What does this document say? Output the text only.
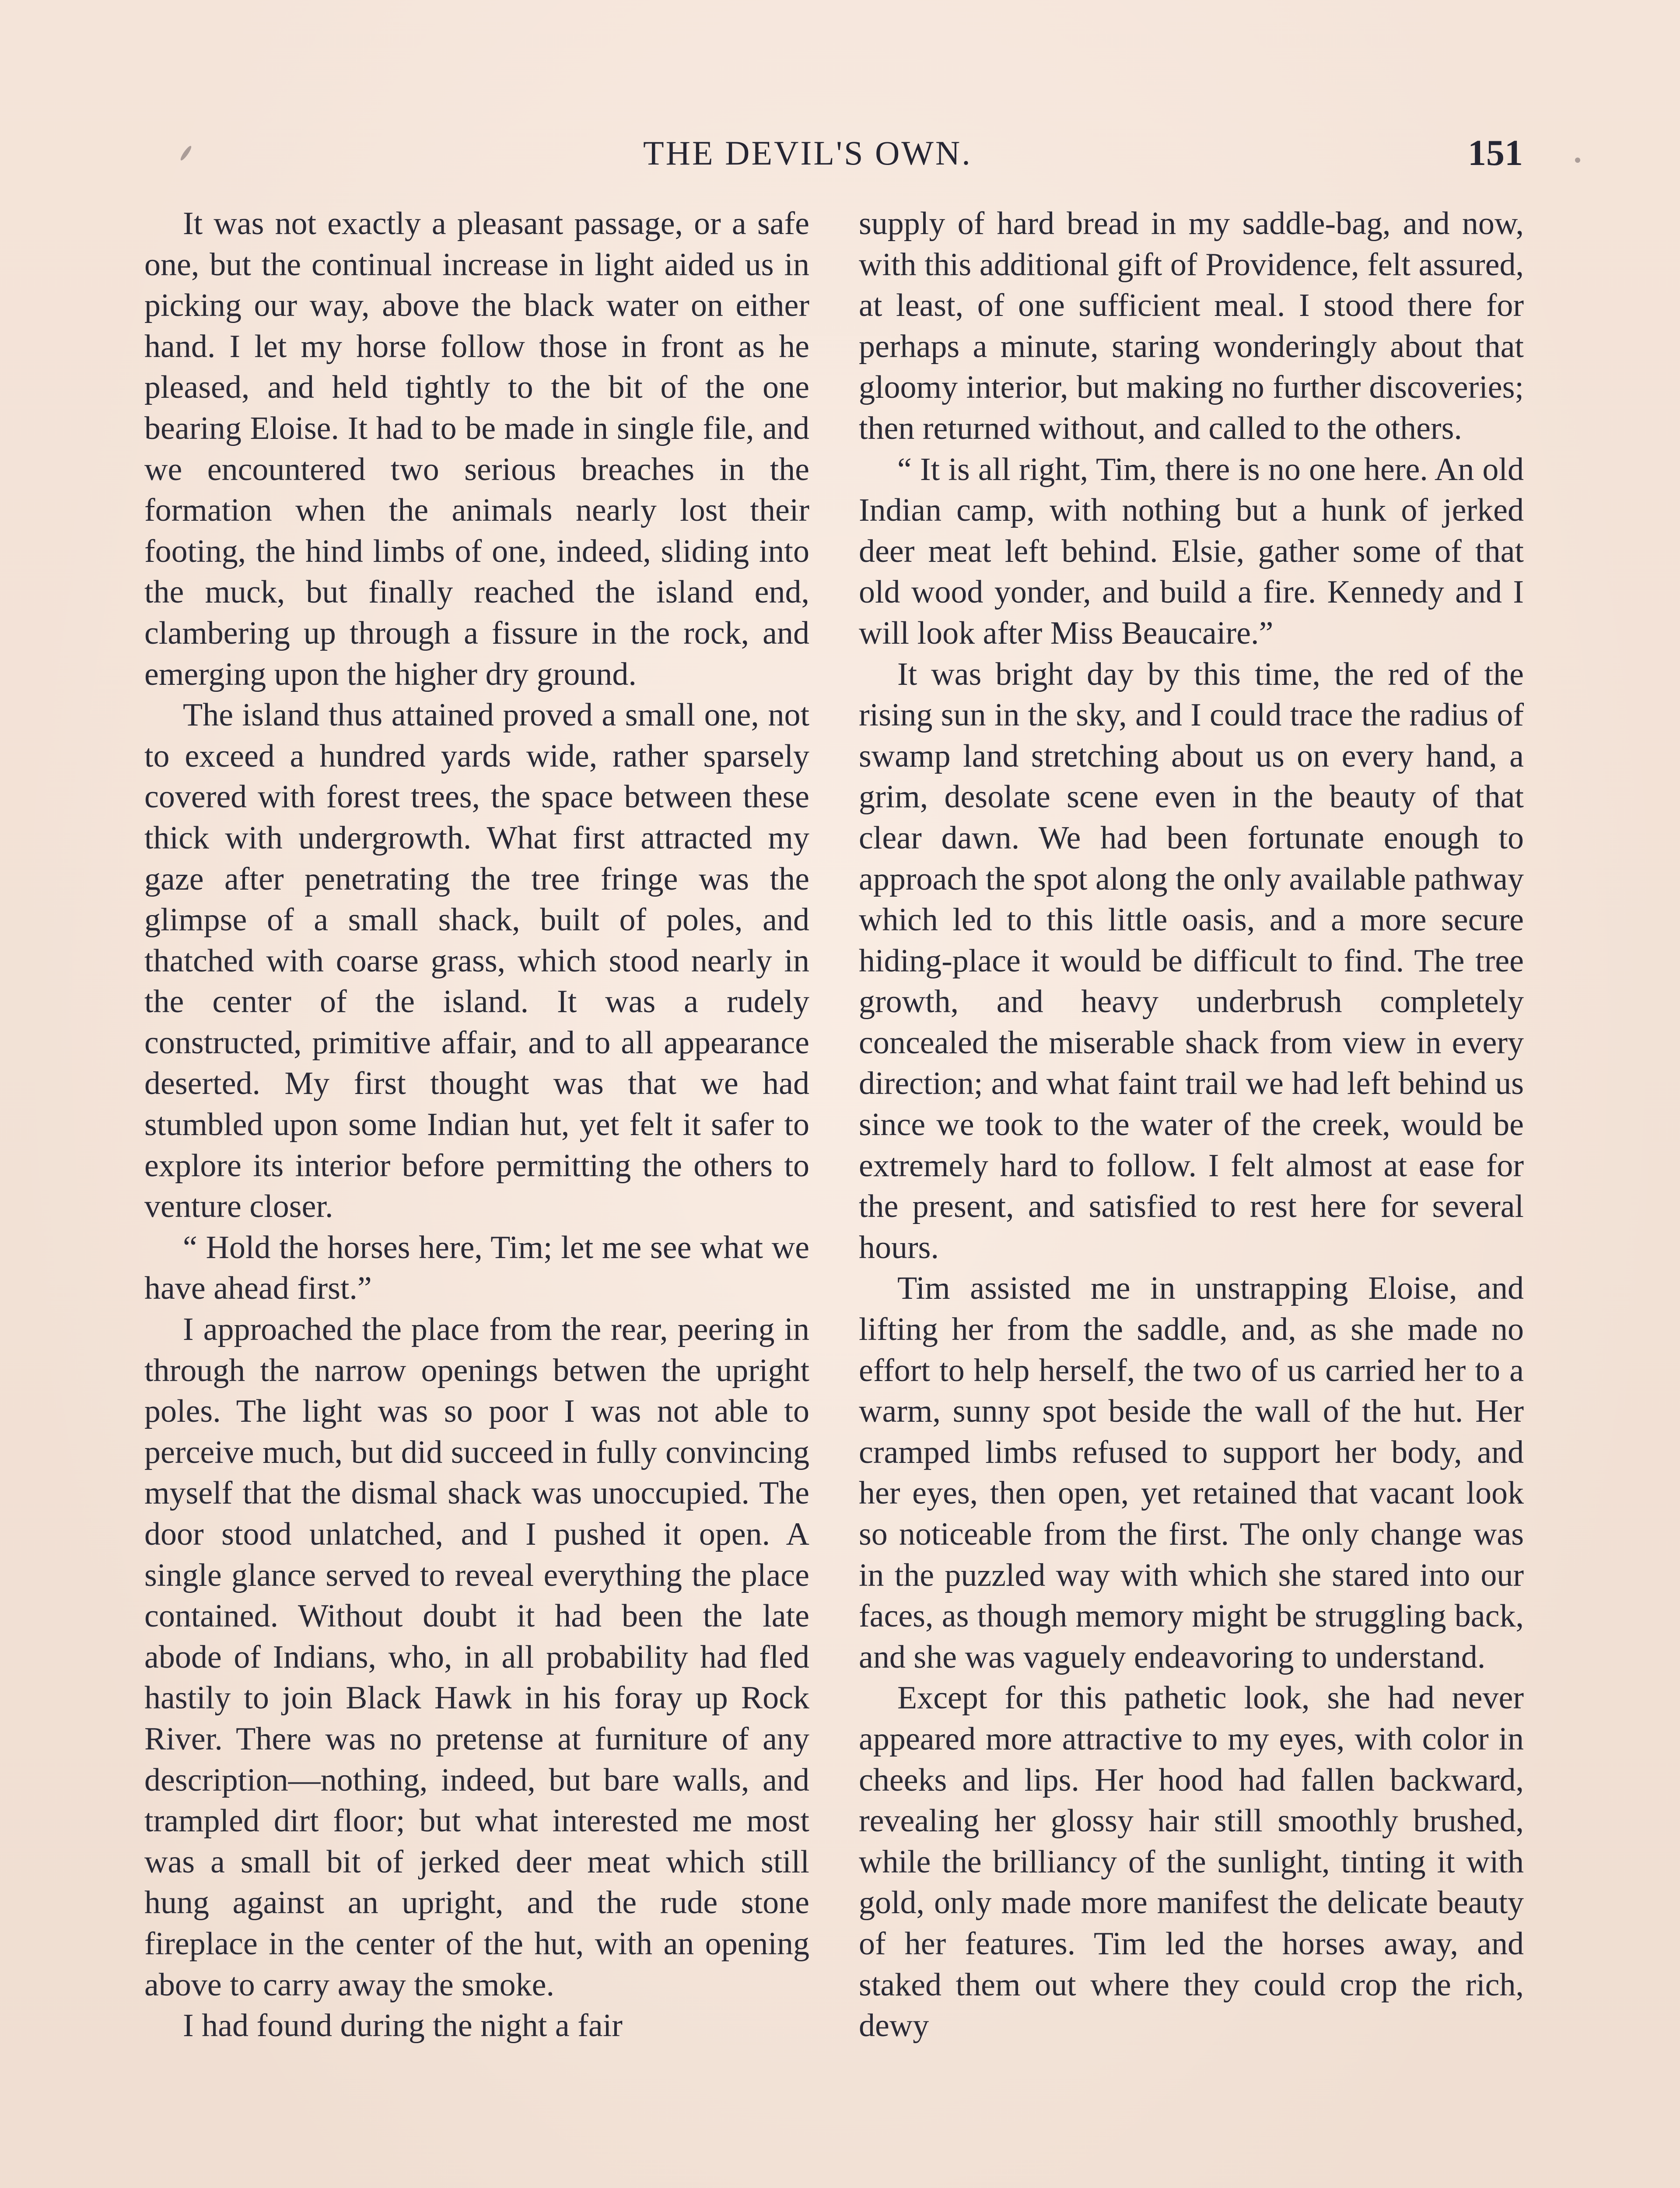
THE DEVIL'S OWN.	151

It was not exactly a pleasant passage, or a safe one, but the continual increase in light aided us in picking our way, above the black water on either hand. I let my horse follow those in front as he pleased, and held tightly to the bit of the one bearing Eloise. It had to be made in single file, and we encountered two serious breaches in the formation when the animals nearly lost their footing, the hind limbs of one, indeed, sliding into the muck, but finally reached the island end, clambering up through a fissure in the rock, and emerging upon the higher dry ground.

The island thus attained proved a small one, not to exceed a hundred yards wide, rather sparsely covered with forest trees, the space between these thick with undergrowth. What first attracted my gaze after penetrating the tree fringe was the glimpse of a small shack, built of poles, and thatched with coarse grass, which stood nearly in the center of the island. It was a rudely constructed, primitive affair, and to all appearance deserted. My first thought was that we had stumbled upon some Indian hut, yet felt it safer to explore its interior before permitting the others to venture closer.

“ Hold the horses here, Tim; let me see what we have ahead first.”

I approached the place from the rear, peering in through the narrow openings betwen the upright poles. The light was so poor I was not able to perceive much, but did succeed in fully convincing myself that the dismal shack was unoccupied. The door stood unlatched, and I pushed it open. A single glance served to reveal everything the place contained. Without doubt it had been the late abode of Indians, who, in all probability had fled hastily to join Black Hawk in his foray up Rock River. There was no pretense at furniture of any description—nothing, indeed, but bare walls, and trampled dirt floor; but what interested me most was a small bit of jerked deer meat which still hung against an upright, and the rude stone fireplace in the center of the hut, with an opening above to carry away the smoke.

I had found during the night a fair

supply of hard bread in my saddle-bag, and now, with this additional gift of Providence, felt assured, at least, of one sufficient meal. I stood there for perhaps a minute, staring wonderingly about that gloomy interior, but making no further discoveries; then returned without, and called to the others.

“ It is all right, Tim, there is no one here. An old Indian camp, with nothing but a hunk of jerked deer meat left behind. Elsie, gather some of that old wood yonder, and build a fire. Kennedy and I will look after Miss Beaucaire.”

It was bright day by this time, the red of the rising sun in the sky, and I could trace the radius of swamp land stretching about us on every hand, a grim, desolate scene even in the beauty of that clear dawn. We had been fortunate enough to approach the spot along the only available pathway which led to this little oasis, and a more secure hiding-place it would be difficult to find. The tree growth, and heavy underbrush completely concealed the miserable shack from view in every direction; and what faint trail we had left behind us since we took to the water of the creek, would be extremely hard to follow. I felt almost at ease for the present, and satisfied to rest here for several hours.

Tim assisted me in unstrapping Eloise, and lifting her from the saddle, and, as she made no effort to help herself, the two of us carried her to a warm, sunny spot beside the wall of the hut. Her cramped limbs refused to support her body, and her eyes, then open, yet retained that vacant look so noticeable from the first. The only change was in the puzzled way with which she stared into our faces, as though memory might be struggling back, and she was vaguely endeavoring to understand.

Except for this pathetic look, she had never appeared more attractive to my eyes, with color in cheeks and lips. Her hood had fallen backward, revealing her glossy hair still smoothly brushed, while the brilliancy of the sunlight, tinting it with gold, only made more manifest the delicate beauty of her features. Tim led the horses away, and staked them out where they could crop the rich, dewy
